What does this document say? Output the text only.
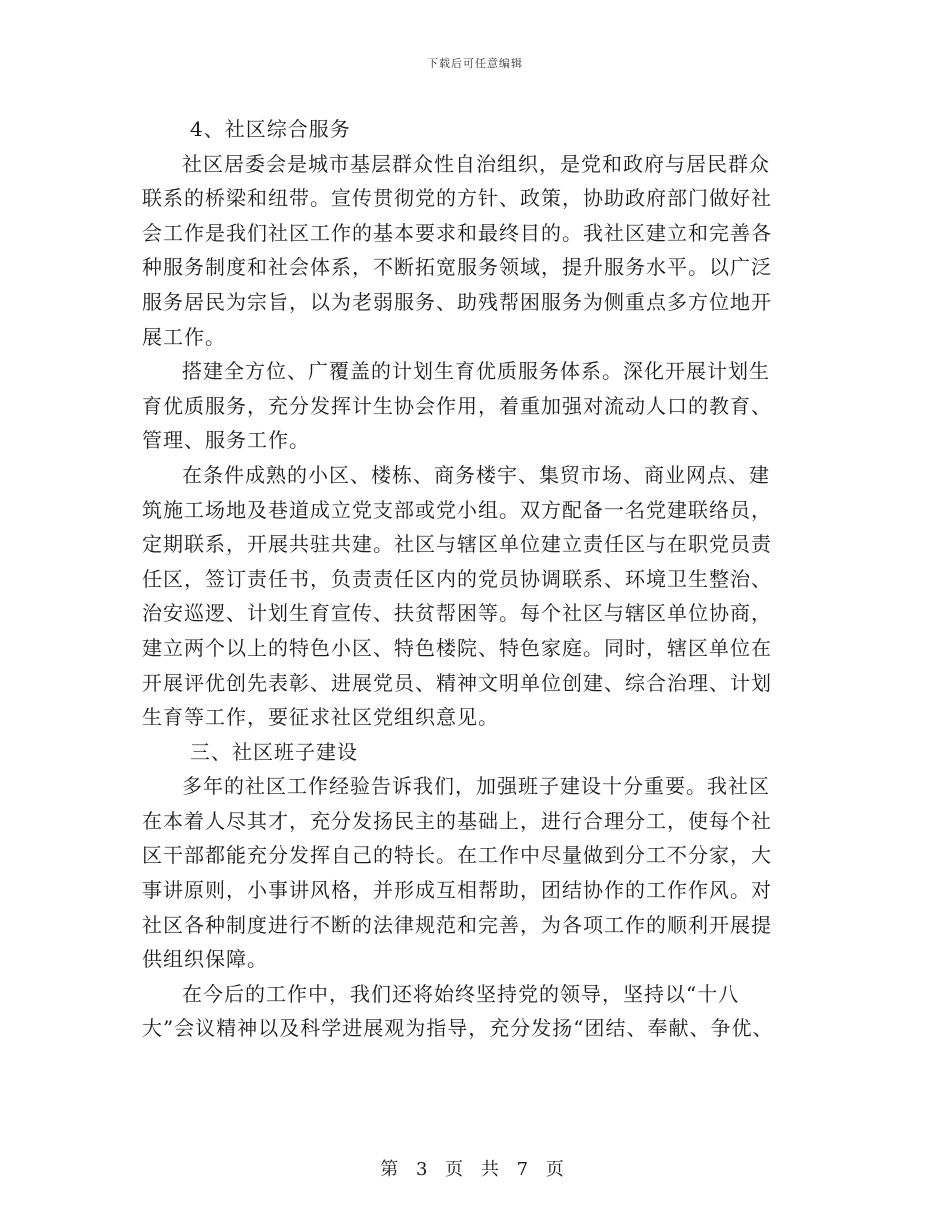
下载后可任意编辑

4、社区综合服务

社区居委会是城市基层群众性自治组织，是党和政府与居民群众
联系的桥梁和纽带。宣传贯彻党的方针、政策，协助政府部门做好社
会工作是我们社区工作的基本要求和最终目的。我社区建立和完善各
种服务制度和社会体系，不断拓宽服务领域，提升服务水平。以广泛
服务居民为宗旨，以为老弱服务、助残帮困服务为侧重点多方位地开
展工作。

搭建全方位、广覆盖的计划生育优质服务体系。深化开展计划生
育优质服务，充分发挥计生协会作用，着重加强对流动人口的教育、
管理、服务工作。

在条件成熟的小区、楼栋、商务楼宇、集贸市场、商业网点、建
筑施工场地及巷道成立党支部或党小组。双方配备一名党建联络员，
定期联系，开展共驻共建。社区与辖区单位建立责任区与在职党员责
任区，签订责任书，负责责任区内的党员协调联系、环境卫生整治、
治安巡逻、计划生育宣传、扶贫帮困等。每个社区与辖区单位协商，
建立两个以上的特色小区、特色楼院、特色家庭。同时，辖区单位在
开展评优创先表彰、进展党员、精神文明单位创建、综合治理、计划
生育等工作，要征求社区党组织意见。

三、社区班子建设

多年的社区工作经验告诉我们，加强班子建设十分重要。我社区
在本着人尽其才，充分发扬民主的基础上，进行合理分工，使每个社
区干部都能充分发挥自己的特长。在工作中尽量做到分工不分家，大
事讲原则，小事讲风格，并形成互相帮助，团结协作的工作作风。对
社区各种制度进行不断的法律规范和完善，为各项工作的顺利开展提
供组织保障。

在今后的工作中，我们还将始终坚持党的领导，坚持以“十八
大”会议精神以及科学进展观为指导，充分发扬“团结、奉献、争优、

第 3 页 共 7 页
